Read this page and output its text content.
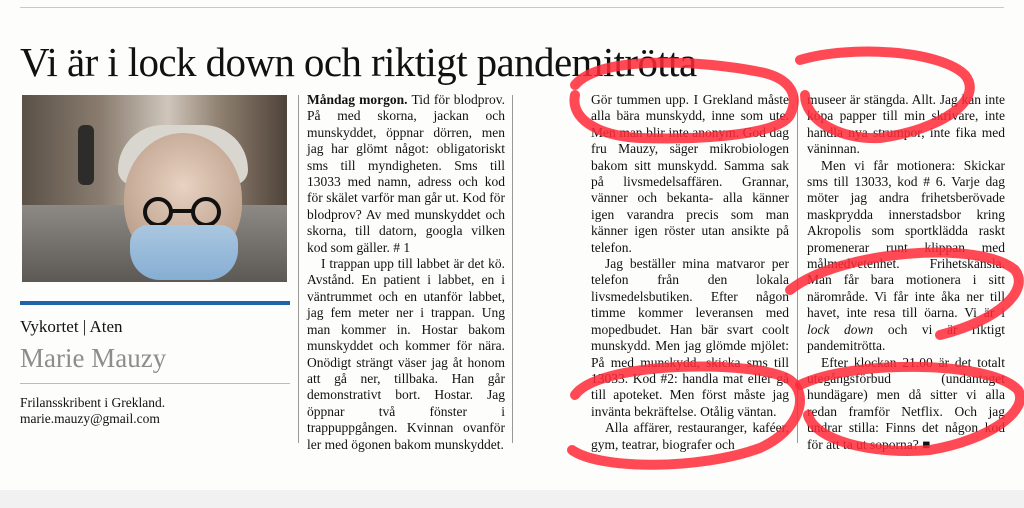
Vi är i lock down och riktigt pandemitrötta
Vykortet | Aten
Marie Mauzy
Frilansskribent i Grekland.
marie.mauzy@gmail.com

Måndag morgon. Tid för blodprov. På med skorna, jackan och munskyddet, öppnar dörren, men jag har glömt något: obligatoriskt sms till myndigheten. Sms till 13033 med namn, adress och kod för skälet varför man går ut. Kod för blodprov? Av med munskyddet och skorna, till datorn, googla vilken kod som gäller. # 1

I trappan upp till labbet är det kö. Avstånd. En patient i labbet, en i väntrummet och en utanför labbet, jag fem meter ner i trappan. Ung man kommer in. Hostar bakom munskyddet och kommer för nära. Onödigt strängt väser jag åt honom att gå ner, tillbaka. Han går demonstrativt bort. Hostar. Jag öppnar två fönster i trappuppgången. Kvinnan ovanför ler med ögonen bakom munskyddet.

Gör tummen upp. I Grekland måste alla bära munskydd, inne som ute. Men man blir inte anonym. God dag fru Mauzy, säger mikrobiologen bakom sitt munskydd. Samma sak på livsmedelsaffären. Grannar, vänner och bekanta- alla känner igen varandra precis som man känner igen röster utan ansikte på telefon.

Jag beställer mina matvaror per telefon från den lokala livsmedelsbutiken. Efter någon timme kommer leveransen med mopedbudet. Han bär svart coolt munskydd. Men jag glömde mjölet: På med munskydd, skicka sms till 13033. Kod #2: handla mat eller gå till apoteket. Men först måste jag invänta bekräftelse. Otålig väntan.

Alla affärer, restauranger, kaféer, gym, teatrar, biografer och

museer är stängda. Allt. Jag kan inte köpa papper till min skrivare, inte handla nya strumpor, inte fika med väninnan.

Men vi får motionera: Skickar sms till 13033, kod # 6. Varje dag möter jag andra frihetsberövade maskprydda innerstadsbor kring Akropolis som sportklädda raskt promenerar runt klippan med målmedvetenhet. Frihetskänsla. Man får bara motionera i sitt närområde. Vi får inte åka ner till havet, inte resa till öarna. Vi är i lock down och vi är riktigt pandemitrötta.

Efter klockan 21.00 är det totalt utegångsförbud (undantaget hundägare) men då sitter vi alla redan framför Netflix. Och jag undrar stilla: Finns det någon kod för att ta ut soporna? ■
